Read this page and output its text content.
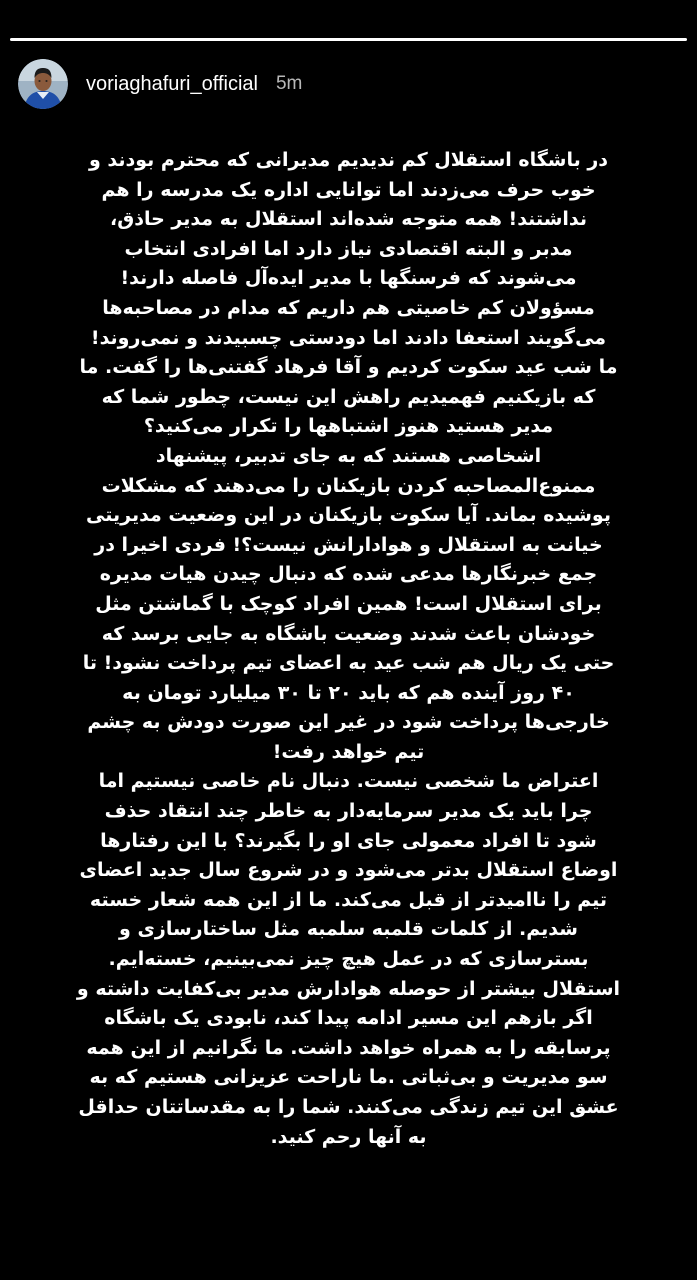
voriaghafuri_official 5m
در باشگاه استقلال کم ندیدیم مدیرانی که محترم بودند و
خوب حرف می‌زدند اما توانایی اداره یک مدرسه را هم
نداشتند! همه متوجه شده‌اند استقلال به مدیر حاذق،
مدبر و البته اقتصادی نیاز دارد اما افرادی انتخاب
می‌شوند که فرسنگها با مدیر ایده‌آل فاصله دارند!
مسؤولان کم خاصیتی هم داریم که مدام در مصاحبه‌ها
می‌گویند استعفا دادند اما دودستی چسبیدند و نمی‌روند!
ما شب عید سکوت کردیم و آقا فرهاد گفتنی‌ها را گفت. ما
که بازیکنیم فهمیدیم راهش این نیست، چطور شما که
مدیر هستید هنوز اشتباهها را تکرار می‌کنید؟
اشخاصی هستند که به جای تدبیر، پیشنهاد
ممنوع‌المصاحبه کردن بازیکنان را می‌دهند که مشکلات
پوشیده بماند. آیا سکوت بازیکنان در این وضعیت مدیریتی
خیانت به استقلال و هوادارانش نیست؟! فردی اخیرا در
جمع خبرنگارها مدعی شده که دنبال چیدن هیات مدیره
برای استقلال است! همین افراد کوچک با گماشتن مثل
خودشان باعث شدند وضعیت باشگاه به جایی برسد که
حتی یک ریال هم شب عید به اعضای تیم پرداخت نشود! تا
۴۰ روز آینده هم که باید ۲۰ تا ۳۰ میلیارد تومان به
خارجی‌ها پرداخت شود در غیر این صورت دودش به چشم
تیم خواهد رفت!
اعتراض ما شخصی نیست. دنبال نام خاصی نیستیم اما
چرا باید یک مدیر سرمایه‌دار به خاطر چند انتقاد حذف
شود تا افراد معمولی جای او را بگیرند؟ با این رفتارها
اوضاع استقلال بدتر می‌شود و در شروع سال جدید اعضای
تیم را ناامیدتر از قبل می‌کند. ما از این همه شعار خسته
شدیم. از کلمات قلمبه سلمبه مثل ساختارسازی و
بسترسازی که در عمل هیچ چیز نمی‌بینیم، خسته‌ایم.
استقلال بیشتر از حوصله هوادارش مدیر بی‌کفایت داشته و
اگر بازهم این مسیر ادامه پیدا کند، نابودی یک باشگاه
پرسابقه را به همراه خواهد داشت. ما نگرانیم از این همه
سو مدیریت و بی‌ثباتی .ما ناراحت عزیزانی هستیم که به
عشق این تیم زندگی می‌کنند. شما را به مقدساتتان حداقل
به آنها رحم کنید.
